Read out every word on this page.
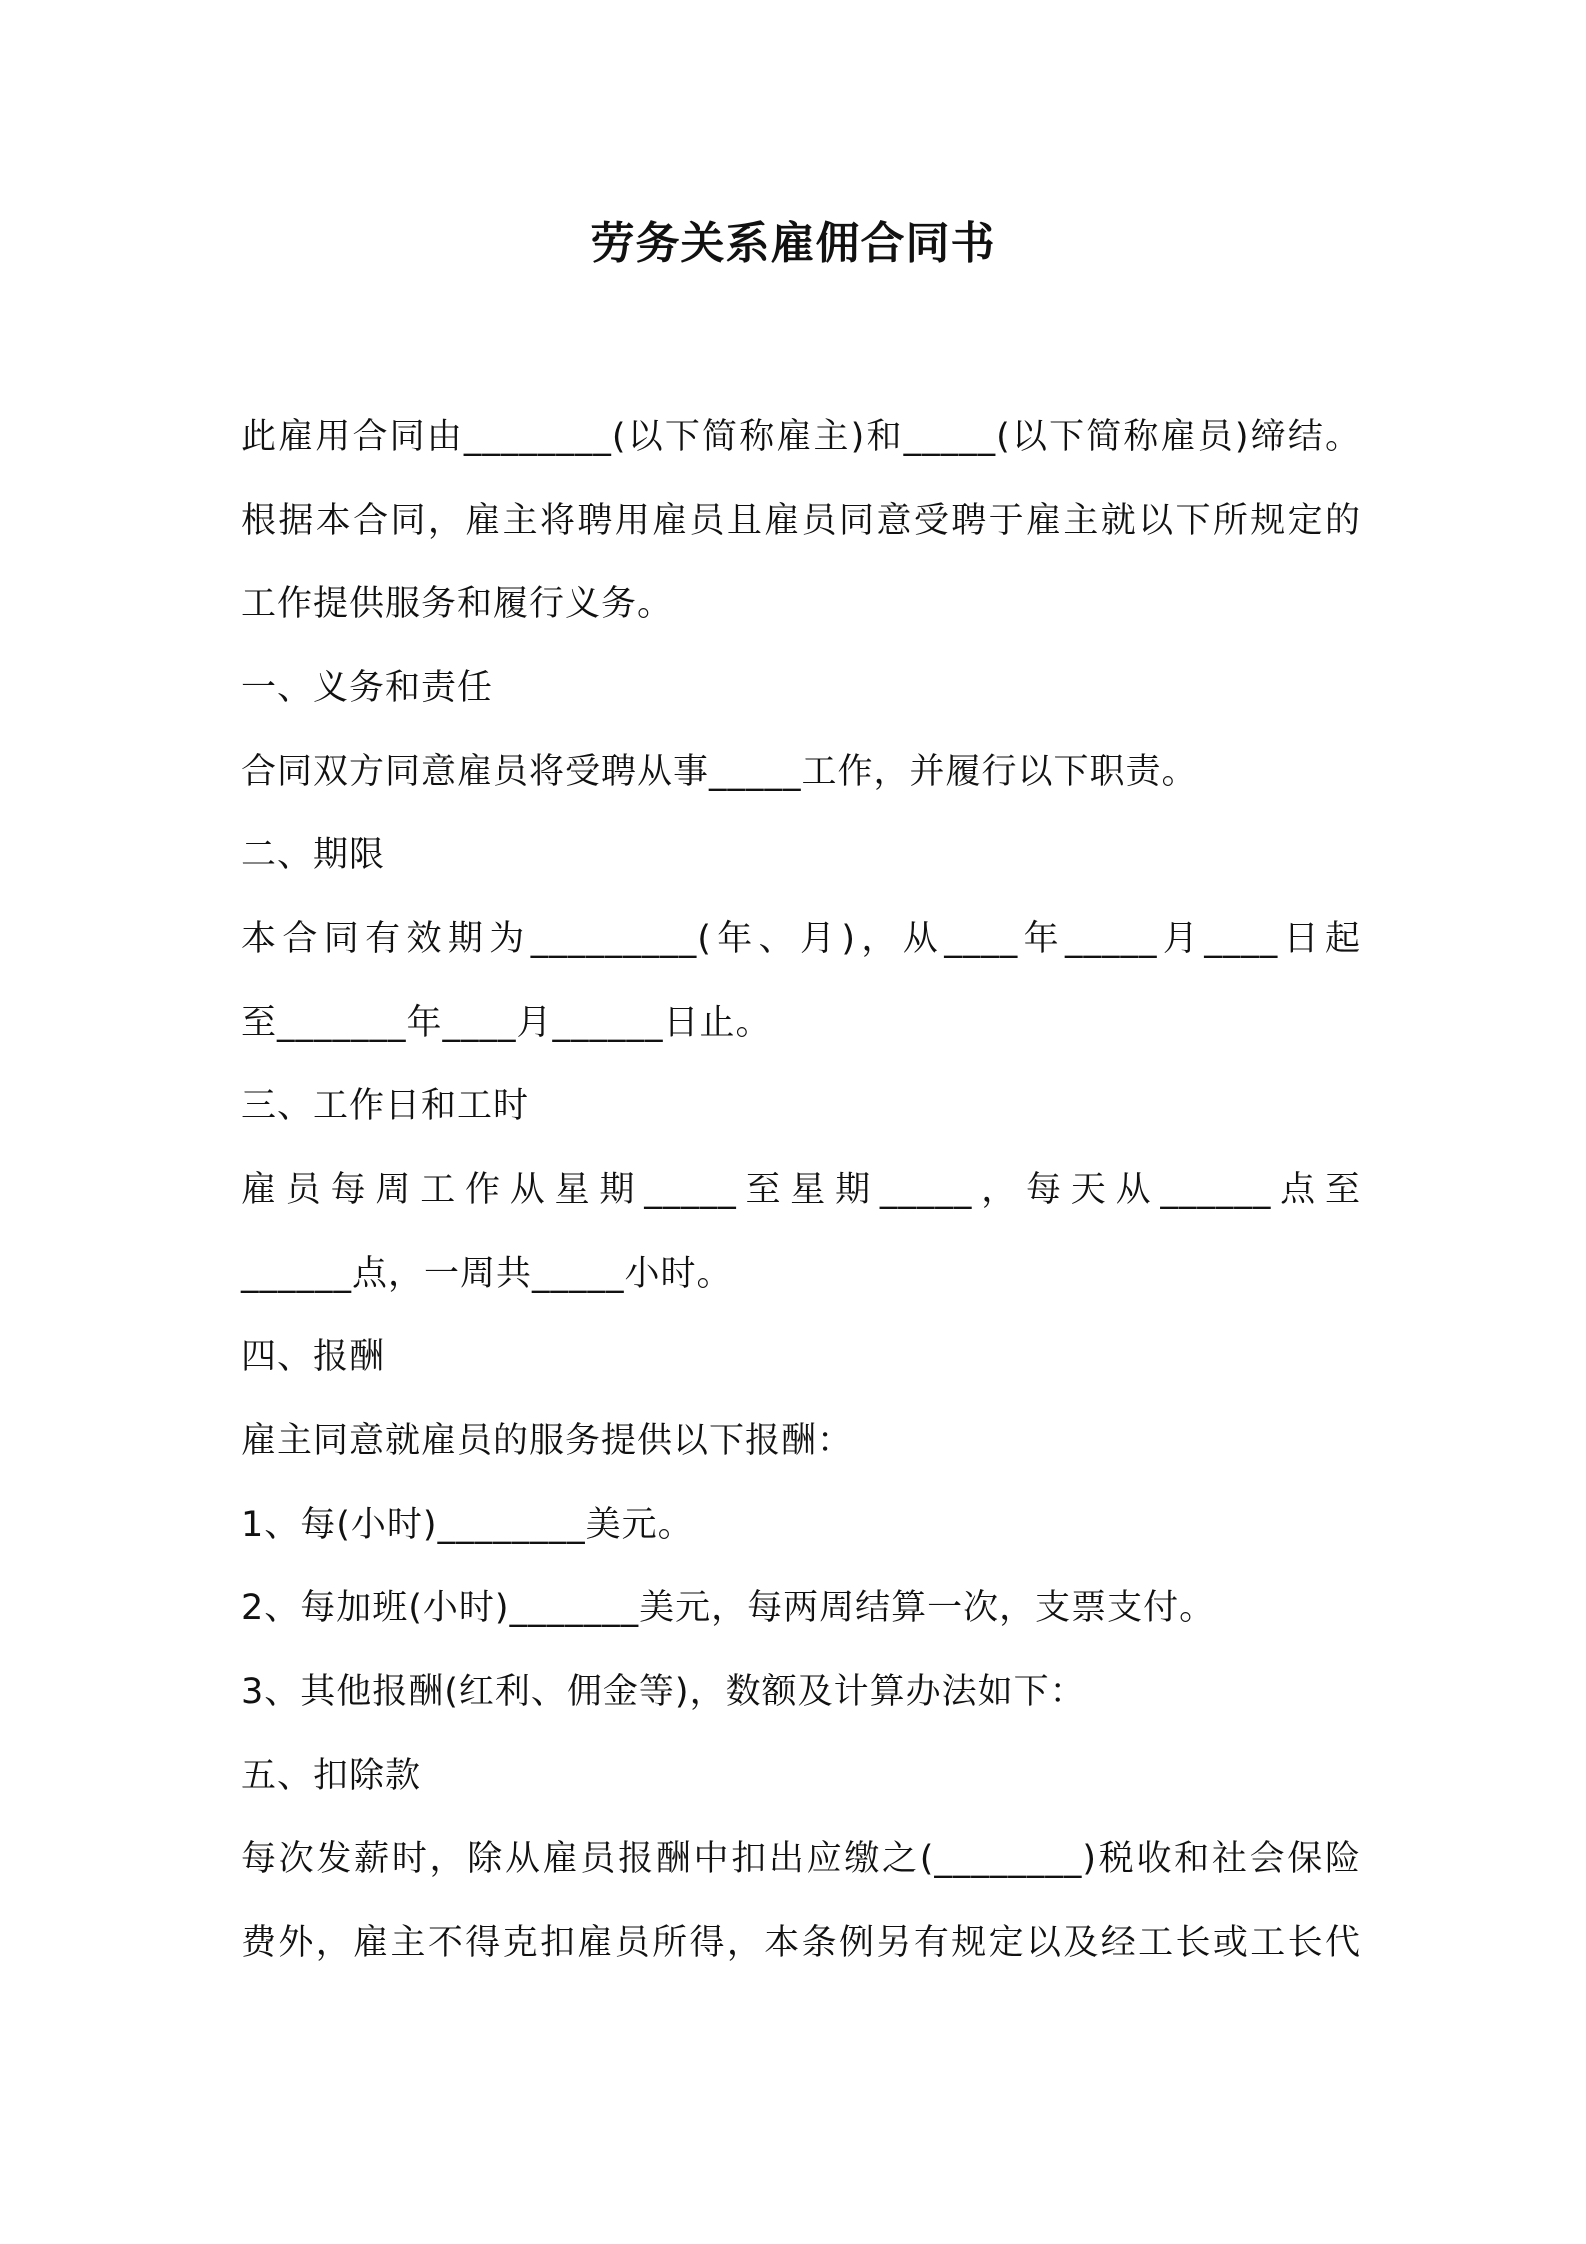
劳务关系雇佣合同书
此雇用合同由________(以下简称雇主)和_____(以下简称雇员)缔结。
根据本合同，雇主将聘用雇员且雇员同意受聘于雇主就以下所规定的
工作提供服务和履行义务。
一、义务和责任
合同双方同意雇员将受聘从事_____工作，并履行以下职责。
二、期限
本合同有效期为_________(年、月)，从____年_____月____日起
至_______年____月______日止。
三、工作日和工时
雇员每周工作从星期_____至星期_____，每天从______点至
______点，一周共_____小时。
四、报酬
雇主同意就雇员的服务提供以下报酬：
1、每(小时)________美元。
2、每加班(小时)_______美元，每两周结算一次，支票支付。
3、其他报酬(红利、佣金等)，数额及计算办法如下：
五、扣除款
每次发薪时，除从雇员报酬中扣出应缴之(________)税收和社会保险
费外，雇主不得克扣雇员所得，本条例另有规定以及经工长或工长代
